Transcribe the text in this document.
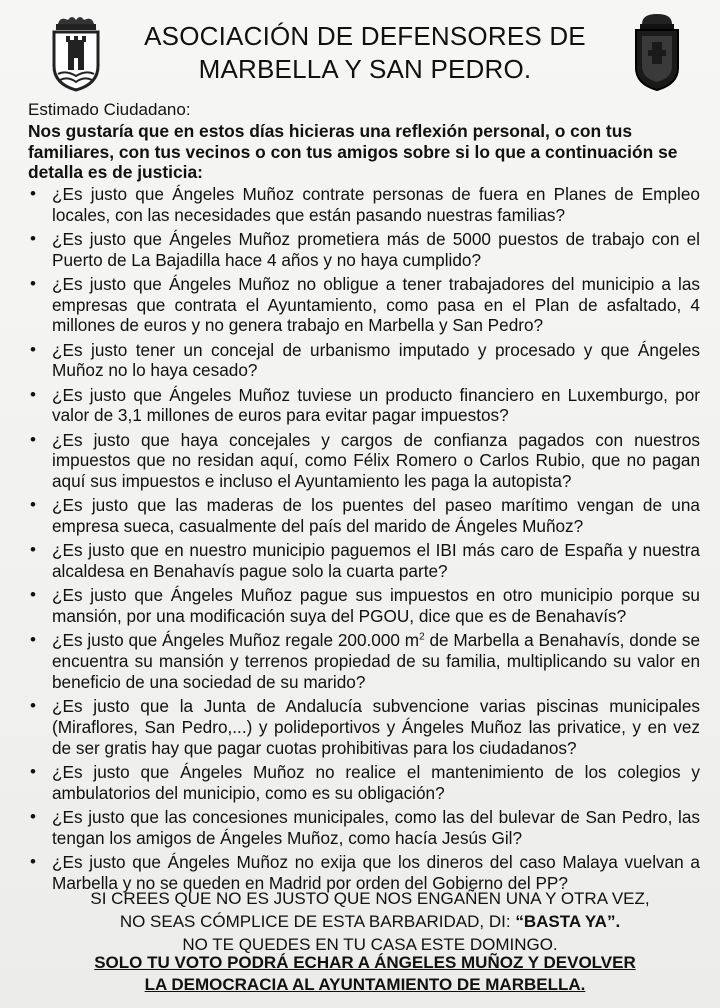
ASOCIACIÓN DE DEFENSORES DE
MARBELLA Y SAN PEDRO.
Estimado Ciudadano:
Nos gustaría que en estos días hicieras una reflexión personal, o con tus familiares, con tus vecinos o con tus amigos sobre si lo que a continuación se detalla es de justicia:
• ¿Es justo que Ángeles Muñoz contrate personas de fuera en Planes de Empleo locales, con las necesidades que están pasando nuestras familias?
• ¿Es justo que Ángeles Muñoz prometiera más de 5000 puestos de trabajo con el Puerto de La Bajadilla hace 4 años y no haya cumplido?
• ¿Es justo que Ángeles Muñoz no obligue a tener trabajadores del municipio a las empresas que contrata el Ayuntamiento, como pasa en el Plan de asfaltado, 4 millones de euros y no genera trabajo en Marbella y San Pedro?
• ¿Es justo tener un concejal de urbanismo imputado y procesado y que Ángeles Muñoz no lo haya cesado?
• ¿Es justo que Ángeles Muñoz tuviese un producto financiero en Luxemburgo, por valor de 3,1 millones de euros para evitar pagar impuestos?
• ¿Es justo que haya concejales y cargos de confianza pagados con nuestros impuestos que no residan aquí, como Félix Romero o Carlos Rubio, que no pagan aquí sus impuestos e incluso el Ayuntamiento les paga la autopista?
• ¿Es justo que las maderas de los puentes del paseo marítimo vengan de una empresa sueca, casualmente del país del marido de Ángeles Muñoz?
• ¿Es justo que en nuestro municipio paguemos el IBI más caro de España y nuestra alcaldesa en Benahavís pague solo la cuarta parte?
• ¿Es justo que Ángeles Muñoz pague sus impuestos en otro municipio porque su mansión, por una modificación suya del PGOU, dice que es de Benahavís?
• ¿Es justo que Ángeles Muñoz regale 200.000 $m^2$ de Marbella a Benahavís, donde se encuentra su mansión y terrenos propiedad de su familia, multiplicando su valor en beneficio de una sociedad de su marido?
• ¿Es justo que la Junta de Andalucía subvencione varias piscinas municipales (Miraflores, San Pedro,...) y polideportivos y Ángeles Muñoz las privatice, y en vez de ser gratis hay que pagar cuotas prohibitivas para los ciudadanos?
• ¿Es justo que Ángeles Muñoz no realice el mantenimiento de los colegios y ambulatorios del municipio, como es su obligación?
• ¿Es justo que las concesiones municipales, como las del bulevar de San Pedro, las tengan los amigos de Ángeles Muñoz, como hacía Jesús Gil?
• ¿Es justo que Ángeles Muñoz no exija que los dineros del caso Malaya vuelvan a Marbella y no se queden en Madrid por orden del Gobierno del PP?
SI CREES QUE NO ES JUSTO QUE NOS ENGAÑEN UNA Y OTRA VEZ,
NO SEAS CÓMPLICE DE ESTA BARBARIDAD, DI: “BASTA YA”.
NO TE QUEDES EN TU CASA ESTE DOMINGO.
SOLO TU VOTO PODRÁ ECHAR A ÁNGELES MUÑOZ Y DEVOLVER
LA DEMOCRACIA AL AYUNTAMIENTO DE MARBELLA.
